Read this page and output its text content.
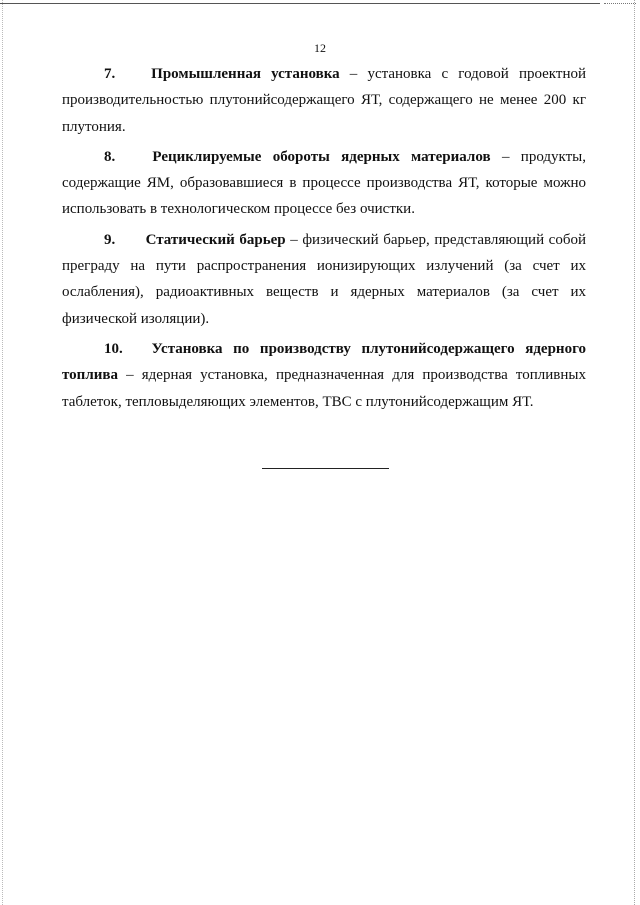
12

7. Промышленная установка – установка с годовой проектной производительностью плутонийсодержащего ЯТ, содержащего не менее 200 кг плутония.

8. Рециклируемые обороты ядерных материалов – продукты, содержащие ЯМ, образовавшиеся в процессе производства ЯТ, которые можно использовать в технологическом процессе без очистки.

9. Статический барьер – физический барьер, представляющий собой преграду на пути распространения ионизирующих излучений (за счет их ослабления), радиоактивных веществ и ядерных материалов (за счет их физической изоляции).

10. Установка по производству плутонийсодержащего ядерного топлива – ядерная установка, предназначенная для производства топливных таблеток, тепловыделяющих элементов, ТВС с плутонийсодержащим ЯТ.
